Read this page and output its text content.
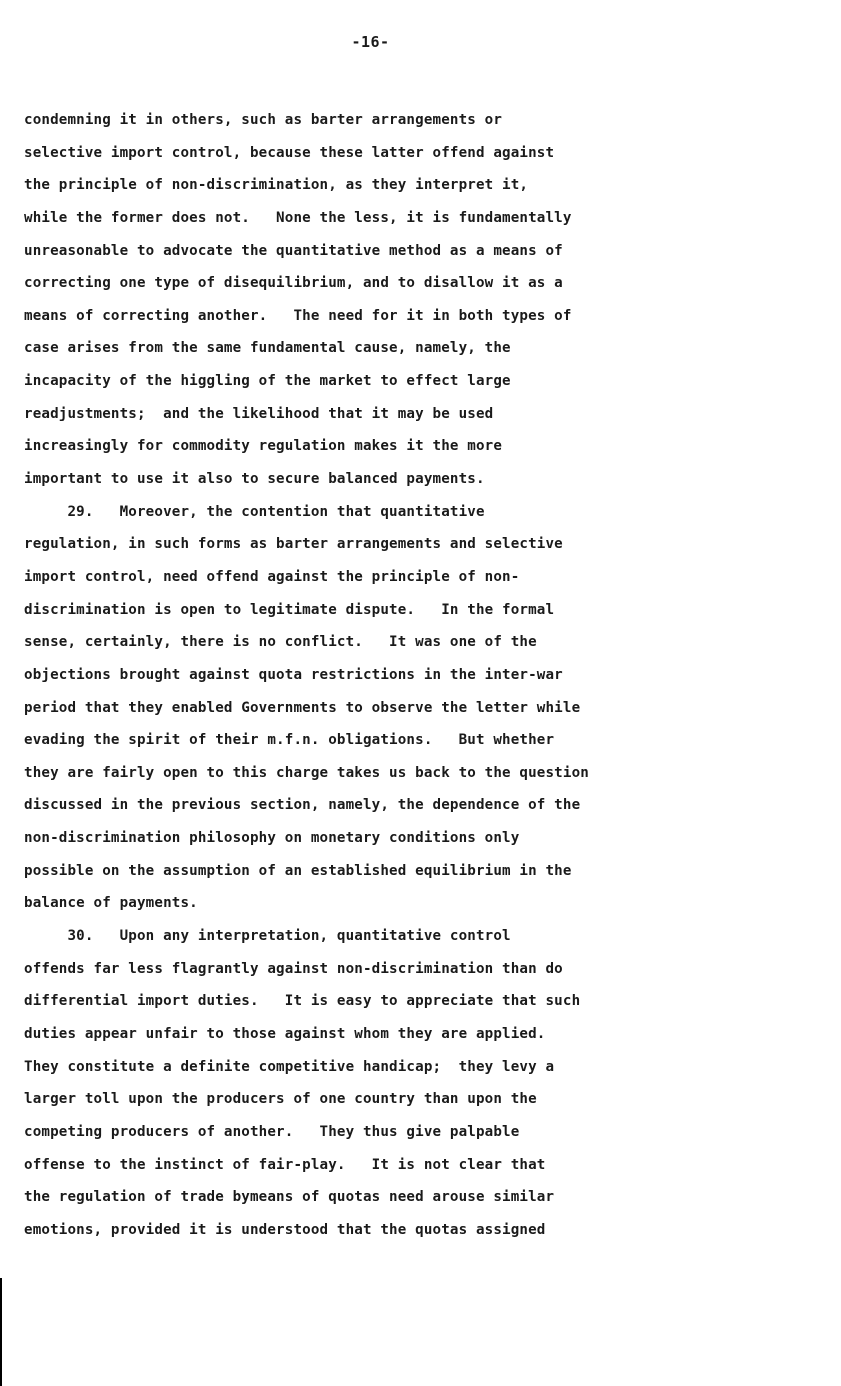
-16-
condemning it in others, such as barter arrangements or
selective import control, because these latter offend against
the principle of non-discrimination, as they interpret it,
while the former does not.   None the less, it is fundamentally
unreasonable to advocate the quantitative method as a means of
correcting one type of disequilibrium, and to disallow it as a
means of correcting another.   The need for it in both types of
case arises from the same fundamental cause, namely, the
incapacity of the higgling of the market to effect large
readjustments;  and the likelihood that it may be used
increasingly for commodity regulation makes it the more
important to use it also to secure balanced payments.
29.   Moreover, the contention that quantitative
regulation, in such forms as barter arrangements and selective
import control, need offend against the principle of non-
discrimination is open to legitimate dispute.   In the formal
sense, certainly, there is no conflict.   It was one of the
objections brought against quota restrictions in the inter-war
period that they enabled Governments to observe the letter while
evading the spirit of their m.f.n. obligations.   But whether
they are fairly open to this charge takes us back to the question
discussed in the previous section, namely, the dependence of the
non-discrimination philosophy on monetary conditions only
possible on the assumption of an established equilibrium in the
balance of payments.
30.   Upon any interpretation, quantitative control
offends far less flagrantly against non-discrimination than do
differential import duties.   It is easy to appreciate that such
duties appear unfair to those against whom they are applied.
They constitute a definite competitive handicap;  they levy a
larger toll upon the producers of one country than upon the
competing producers of another.   They thus give palpable
offense to the instinct of fair-play.   It is not clear that
the regulation of trade bymeans of quotas need arouse similar
emotions, provided it is understood that the quotas assigned
